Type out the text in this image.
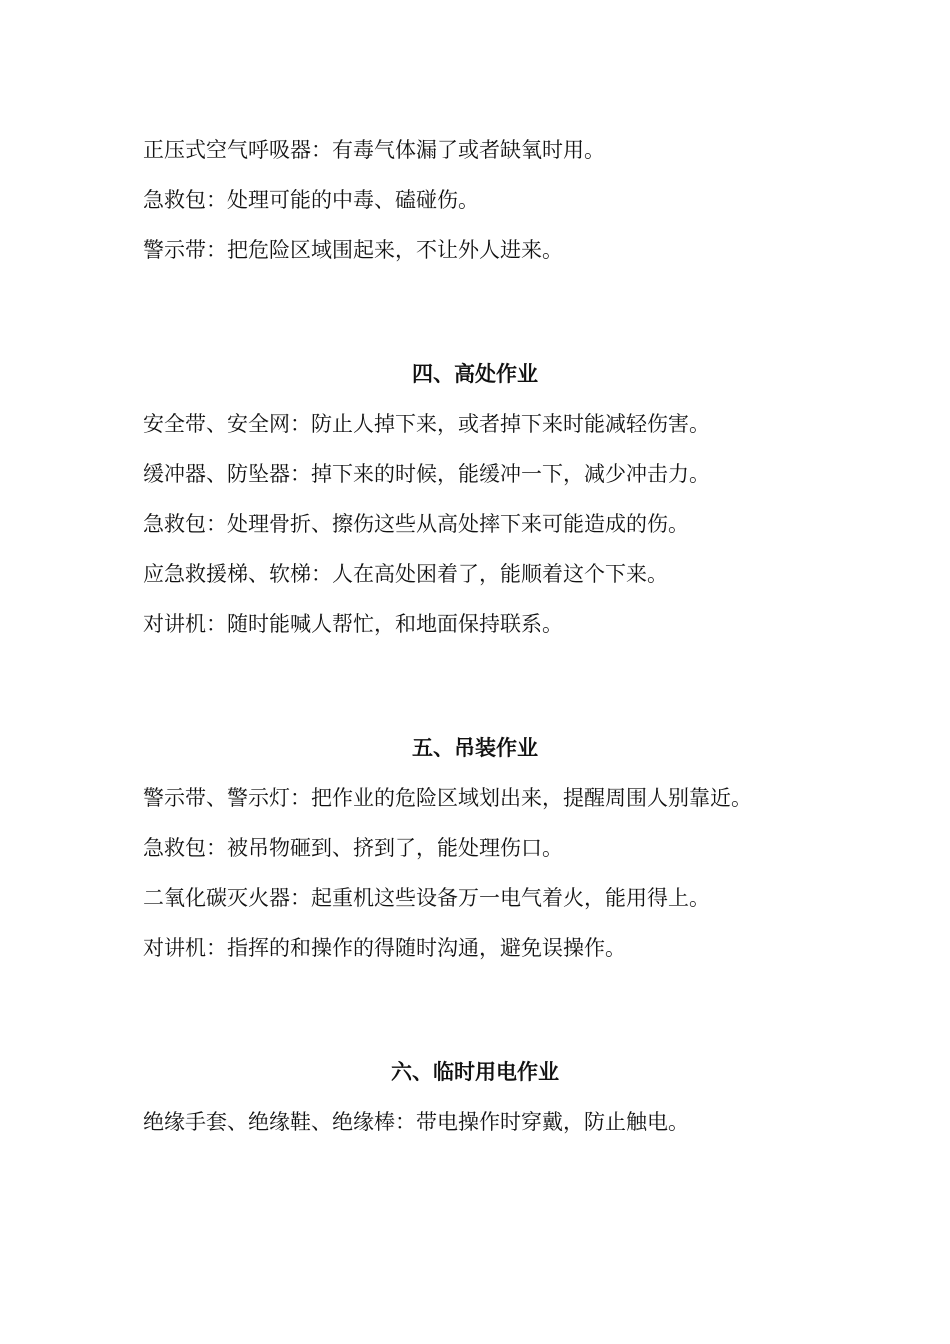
正压式空气呼吸器：有毒气体漏了或者缺氧时用。

急救包：处理可能的中毒、磕碰伤。

警示带：把危险区域围起来，不让外人进来。

四、高处作业

安全带、安全网：防止人掉下来，或者掉下来时能减轻伤害。

缓冲器、防坠器：掉下来的时候，能缓冲一下，减少冲击力。

急救包：处理骨折、擦伤这些从高处摔下来可能造成的伤。

应急救援梯、软梯：人在高处困着了，能顺着这个下来。

对讲机：随时能喊人帮忙，和地面保持联系。

五、吊装作业

警示带、警示灯：把作业的危险区域划出来，提醒周围人别靠近。

急救包：被吊物砸到、挤到了，能处理伤口。

二氧化碳灭火器：起重机这些设备万一电气着火，能用得上。

对讲机：指挥的和操作的得随时沟通，避免误操作。

六、临时用电作业

绝缘手套、绝缘鞋、绝缘棒：带电操作时穿戴，防止触电。
